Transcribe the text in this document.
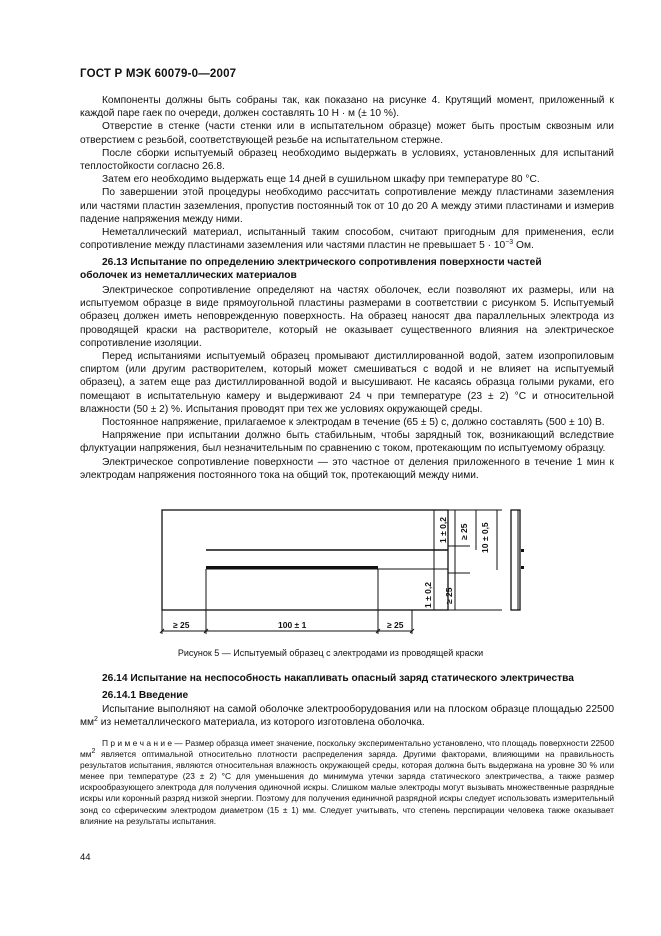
ГОСТ Р МЭК 60079-0—2007

Компоненты должны быть собраны так, как показано на рисунке 4. Крутящий момент, приложенный к каждой паре гаек по очереди, должен составлять 10 Н · м (± 10 %).

Отверстие в стенке (части стенки или в испытательном образце) может быть простым сквозным или отверстием с резьбой, соответствующей резьбе на испытательном стержне.

После сборки испытуемый образец необходимо выдержать в условиях, установленных для испытаний теплостойкости согласно 26.8.

Затем его необходимо выдержать еще 14 дней в сушильном шкафу при температуре 80 °С.

По завершении этой процедуры необходимо рассчитать сопротивление между пластинами заземления или частями пластин заземления, пропустив постоянный ток от 10 до 20 А между этими пластинами и измерив падение напряжения между ними.

Неметаллический материал, испытанный таким способом, считают пригодным для применения, если сопротивление между пластинами заземления или частями пластин не превышает $5 \cdot 10^{-3}$ Ом.

26.13 Испытание по определению электрического сопротивления поверхности частей
оболочек из неметаллических материалов

Электрическое сопротивление определяют на частях оболочек, если позволяют их размеры, или на испытуемом образце в виде прямоугольной пластины размерами в соответствии с рисунком 5. Испытуемый образец должен иметь неповрежденную поверхность. На образец наносят два параллельных электрода из проводящей краски на растворителе, который не оказывает существенного влияния на электрическое сопротивление изоляции.

Перед испытаниями испытуемый образец промывают дистиллированной водой, затем изопропиловым спиртом (или другим растворителем, который может смешиваться с водой и не влияет на испытуемый образец), а затем еще раз дистиллированной водой и высушивают. Не касаясь образца голыми руками, его помещают в испытательную камеру и выдерживают 24 ч при температуре (23 ± 2) °С и относительной влажности (50 ± 2) %. Испытания проводят при тех же условиях окружающей среды.

Постоянное напряжение, прилагаемое к электродам в течение (65 ± 5) с, должно составлять (500 ± 10) В.

Напряжение при испытании должно быть стабильным, чтобы зарядный ток, возникающий вследствие флуктуации напряжения, был незначительным по сравнению с током, протекающим по испытуемому образцу.

Электрическое сопротивление поверхности — это частное от деления приложенного в течение 1 мин к электродам напряжения постоянного тока на общий ток, протекающий между ними.

≥ 25	100 ± 1	≥ 25
1 ± 0,2 ≥ 25 10 ± 0,5
1 ± 0,2 ≥ 25
Рисунок 5 — Испытуемый образец с электродами из проводящей краски
26.14 Испытание на неспособность накапливать опасный заряд статического электричества
26.14.1 Введение

Испытание выполняют на самой оболочке электрооборудования или на плоском образце площадью 22500 $мм^2$ из неметаллического материала, из которого изготовлена оболочка.

П р и м е ч а н и е — Размер образца имеет значение, поскольку экспериментально установлено, что площадь поверхности 22500 $мм^2$ является оптимальной относительно плотности распределения заряда. Другими факторами, влияющими на правильность результатов испытания, являются относительная влажность окружающей среды, которая должна быть выдержана на уровне 30 % или менее при температуре (23 ± 2) °С для уменьшения до минимума утечки заряда статического электричества, а также размер искрообразующего электрода для получения одиночной искры. Слишком малые электроды могут вызывать множественные разрядные искры или коронный разряд низкой энергии. Поэтому для получения единичной разрядной искры следует использовать измерительный зонд со сферическим электродом диаметром (15 ± 1) мм. Следует учитывать, что степень перспирации человека также оказывает влияние на результаты испытания.

44
